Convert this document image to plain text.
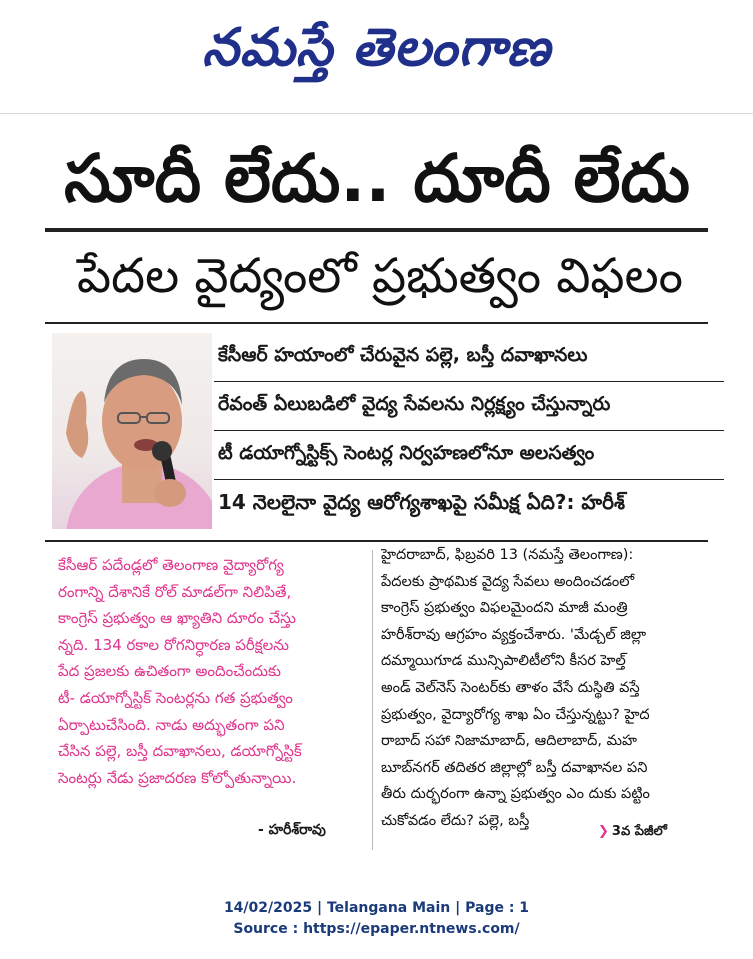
నమస్తే తెలంగాణ
సూదీ లేదు.. దూదీ లేదు
పేదల వైద్యంలో ప్రభుత్వం విఫలం
కేసీఆర్ హయాంలో చేరువైన పల్లె, బస్తీ దవాఖానలు
రేవంత్ ఏలుబడిలో వైద్య సేవలను నిర్లక్ష్యం చేస్తున్నారు
టీ డయాగ్నోస్టిక్స్ సెంటర్ల నిర్వహణలోనూ అలసత్వం
14 నెలలైనా వైద్య ఆరోగ్యశాఖపై సమీక్ష ఏది?: హరీశ్
కేసీఆర్ పదేండ్లలో తెలంగాణ వైద్యారోగ్య
రంగాన్ని దేశానికే రోల్ మాడల్‌గా నిలిపితే,
కాంగ్రెస్ ప్రభుత్వం ఆ ఖ్యాతిని దూరం చేస్తు
న్నది. 134 రకాల రోగనిర్ధారణ పరీక్షలను
పేద ప్రజలకు ఉచితంగా అందించేందుకు
టీ- డయాగ్నోస్టిక్ సెంటర్లను గత ప్రభుత్వం
ఏర్పాటుచేసింది. నాడు అద్భుతంగా పని
చేసిన పల్లె, బస్తీ దవాఖానలు, డయాగ్నోస్టిక్
సెంటర్లు నేడు ప్రజాదరణ కోల్పోతున్నాయి.
- హరీశ్‌రావు
హైదరాబాద్, ఫిబ్రవరి 13 (నమస్తే తెలంగాణ):
పేదలకు ప్రాథమిక వైద్య సేవలు అందించడంలో
కాంగ్రెస్ ప్రభుత్వం విఫలమైందని మాజీ మంత్రి
హరీశ్‌రావు ఆగ్రహం వ్యక్తంచేశారు. 'మేడ్చల్ జిల్లా
దమ్మాయిగూడ మున్సిపాలిటీలోని కీసర హెల్త్
అండ్ వెల్‌నెస్ సెంటర్‌కు తాళం వేసే దుస్థితి వస్తే
ప్రభుత్వం, వైద్యారోగ్య శాఖ ఏం చేస్తున్నట్టు? హైద
రాబాద్ సహా నిజామాబాద్, ఆదిలాబాద్, మహ
బూబ్‌నగర్ తదితర జిల్లాల్లో బస్తీ దవాఖానల పని
తీరు దుర్భరంగా ఉన్నా ప్రభుత్వం ఎం దుకు పట్టిం
చుకోవడం లేదు? పల్లె, బస్తీ
❯ 3వ పేజీలో
14/02/2025 | Telangana Main | Page : 1
Source : https://epaper.ntnews.com/
